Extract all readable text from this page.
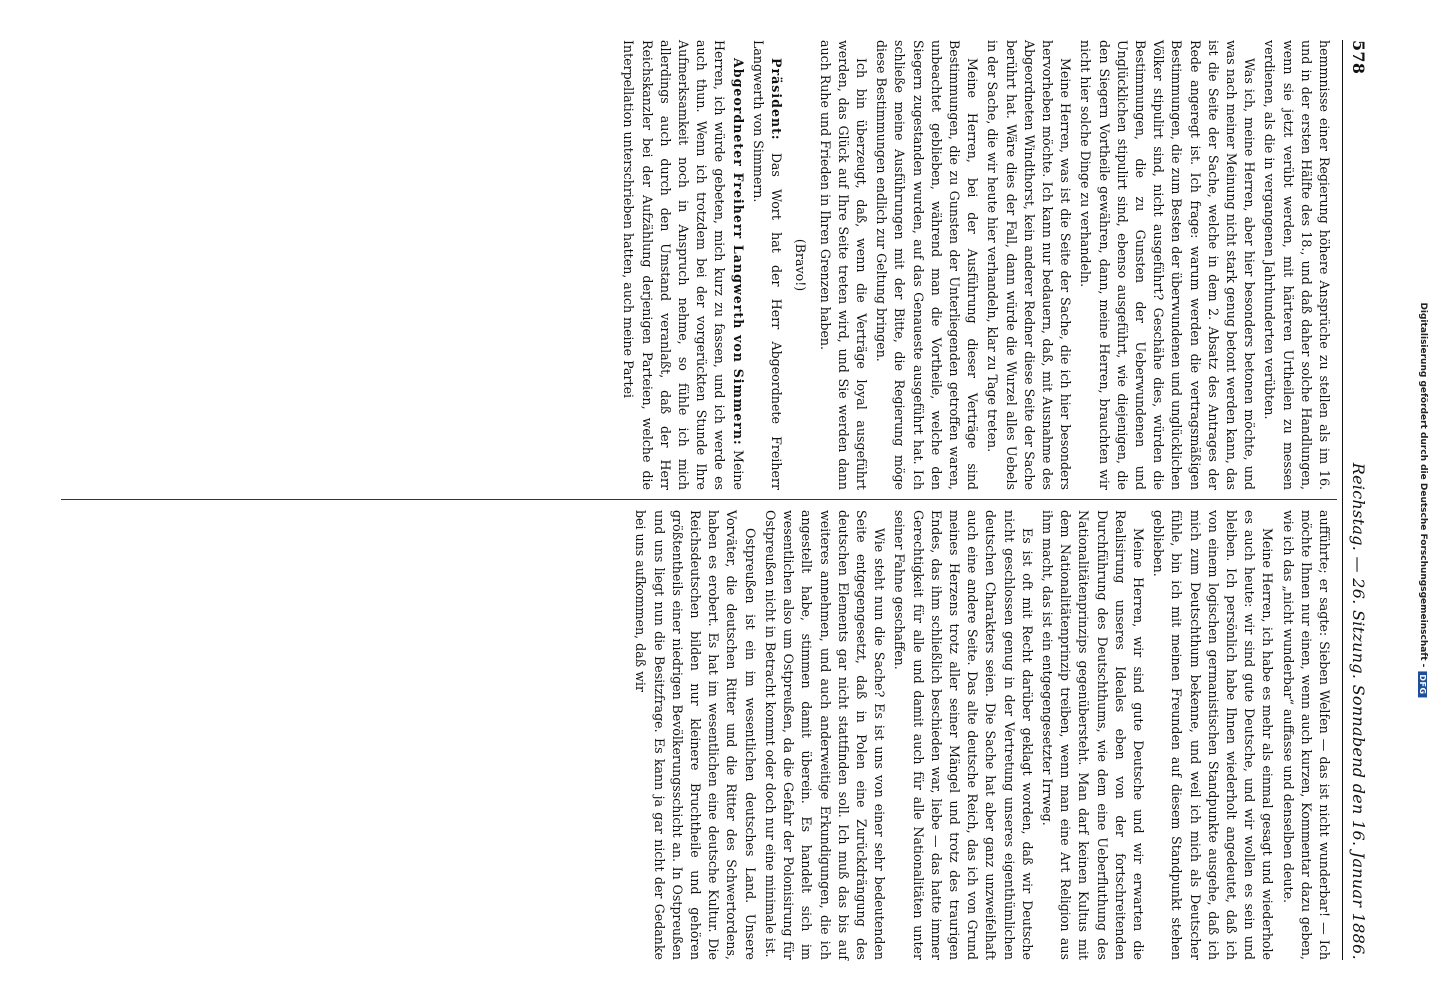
578
Reichstag. — 26. Sitzung. Sonnabend den 16. Januar 1886.

hemmnisse einer Regierung höhere Ansprüche zu stellen als im 16. und in der ersten Hälfte des 18., und daß daher solche Handlungen, wenn sie jetzt verübt werden, mit härteren Urtheilen zu messen verdienen, als die in vergangenen Jahrhunderten verübten.

Was ich, meine Herren, aber hier besonders betonen möchte, und was nach meiner Meinung nicht stark genug betont werden kann, das ist die Seite der Sache, welche in dem 2. Absatz des Antrages der Rede angeregt ist. Ich frage: warum werden die vertragsmäßigen Bestimmungen, die zum Besten der überwundenen und unglücklichen Völker stipulirt sind, nicht ausgeführt? Geschähe dies, würden die Bestimmungen, die zu Gunsten der Ueberwundenen und Unglücklichen stipulirt sind, ebenso ausgeführt, wie diejenigen, die den Siegern Vortheile gewähren, dann, meine Herren, brauchten wir nicht hier solche Dinge zu verhandeln.

Meine Herren, was ist die Seite der Sache, die ich hier besonders hervorheben möchte. Ich kann nur bedauern, daß, mit Ausnahme des Abgeordneten Windthorst, kein anderer Redner diese Seite der Sache berührt hat. Wäre dies der Fall, dann würde die Wurzel alles Uebels in der Sache, die wir heute hier verhandeln, klar zu Tage treten.

Meine Herren, bei der Ausführung dieser Verträge sind Bestimmungen, die zu Gunsten der Unterliegenden getroffen waren, unbeachtet geblieben, während man die Vortheile, welche den Siegern zugestanden wurden, auf das Genaueste ausgeführt hat. Ich schließe meine Ausführungen mit der Bitte, die Regierung möge diese Bestimmungen endlich zur Geltung bringen.

Ich bin überzeugt, daß, wenn die Verträge loyal ausgeführt werden, das Glück auf Ihre Seite treten wird, und Sie werden dann auch Ruhe und Frieden in Ihren Grenzen haben.

(Bravo!)

Präsident: Das Wort hat der Herr Abgeordnete Freiherr Langwerth von Simmern.

Abgeordneter Freiherr Langwerth von Simmern: Meine Herren, ich würde gebeten, mich kurz zu fassen, und ich werde es auch thun. Wenn ich trotzdem bei der vorgerückten Stunde Ihre Aufmerksamkeit noch in Anspruch nehme, so fühle ich mich allerdings auch durch den Umstand veranlaßt, daß der Herr Reichskanzler bei der Aufzählung derjenigen Parteien, welche die Interpellation unterschrieben hatten, auch meine Partei

aufführte; er sagte: Sieben Welfen — das ist nicht wunderbar! — Ich möchte Ihnen nur einen, wenn auch kurzen, Kommentar dazu geben, wie ich das „nicht wunderbar“ auffasse und denselben deute.

Meine Herren, ich habe es mehr als einmal gesagt und wiederhole es auch heute: wir sind gute Deutsche, und wir wollen es sein und bleiben. Ich persönlich habe Ihnen wiederholt angedeutet, daß ich von einem logischen germanistischen Standpunkte ausgehe, daß ich mich zum Deutschthum bekenne, und weil ich mich als Deutscher fühle, bin ich mit meinen Freunden auf diesem Standpunkt stehen geblieben.

Meine Herren, wir sind gute Deutsche und wir erwarten die Realisirung unseres Ideales eben von der fortschreitenden Durchführung des Deutschthums, wie dem eine Ueberfluthung des Nationalitätenprinzips gegenübersteht. Man darf keinen Kultus mit dem Nationalitätenprinzip treiben, wenn man eine Art Religion aus ihm macht, das ist ein entgegengesetzter Irrweg.

Es ist oft mit Recht darüber geklagt worden, daß wir Deutsche nicht geschlossen genug in der Vertretung unseres eigenthümlichen deutschen Charakters seien. Die Sache hat aber ganz unzweifelhaft auch eine andere Seite. Das alte deutsche Reich, das ich von Grund meines Herzens trotz aller seiner Mängel und trotz des traurigen Endes, das ihm schließlich beschieden war, liebe — das hatte immer Gerechtigkeit für alle und damit auch für alle Nationalitäten unter seiner Fahne geschaffen.

Wie steht nun die Sache? Es ist uns von einer sehr bedeutenden Seite entgegengesetzt, daß in Polen eine Zurückdrängung des deutschen Elements gar nicht stattfinden soll. Ich muß das bis auf weiteres annehmen, und auch anderweitige Erkundigungen, die ich angestellt habe, stimmen damit überein. Es handelt sich im wesentlichen also um Ostpreußen, da die Gefahr der Polonisirung für Ostpreußen nicht in Betracht kommt oder doch nur eine minimale ist.

Ostpreußen ist ein im wesentlichen deutsches Land. Unsere Vorväter, die deutschen Ritter und die Ritter des Schwertordens, haben es erobert. Es hat im wesentlichen eine deutsche Kultur. Die Reichsdeutschen bilden nur kleinere Bruchtheile und gehören größtentheils einer niedrigen Bevölkerungsschicht an. In Ostpreußen und uns liegt nun die Besitzfrage. Es kann ja gar nicht der Gedanke bei uns aufkommen, daß wir	Digitalisierung gefördert durch die Deutsche Forschungsgemeinschaft -
DFG
